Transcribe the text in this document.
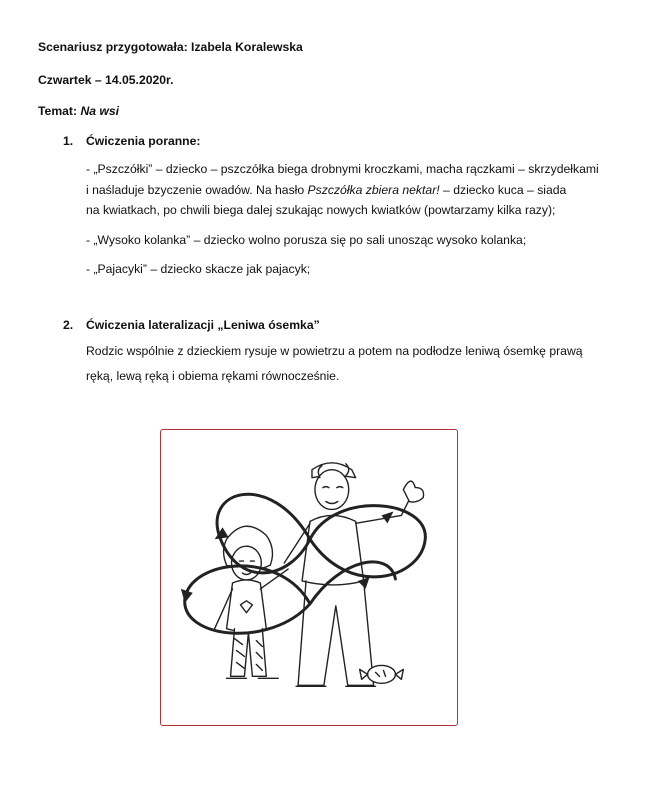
Scenariusz przygotowała: Izabela Koralewska
Czwartek – 14.05.2020r.
Temat: Na wsi
1. Ćwiczenia poranne:
- „Pszczółki” – dziecko – pszczółka biega drobnymi kroczkami, macha rączkami – skrzydełkami
i naśladuje bzyczenie owadów. Na hasło Pszczółka zbiera nektar! – dziecko kuca – siada
na kwiatkach, po chwili biega dalej szukając nowych kwiatków (powtarzamy kilka razy);
- „Wysoko kolanka” – dziecko wolno porusza się po sali unosząc wysoko kolanka;
- „Pajacyki” – dziecko skacze jak pajacyk;
2. Ćwiczenia lateralizacji „Leniwa ósemka”
Rodzic wspólnie z dzieckiem rysuje w powietrzu a potem na podłodze leniwą ósemkę prawą
ręką, lewą ręką i obiema rękami równocześnie.
